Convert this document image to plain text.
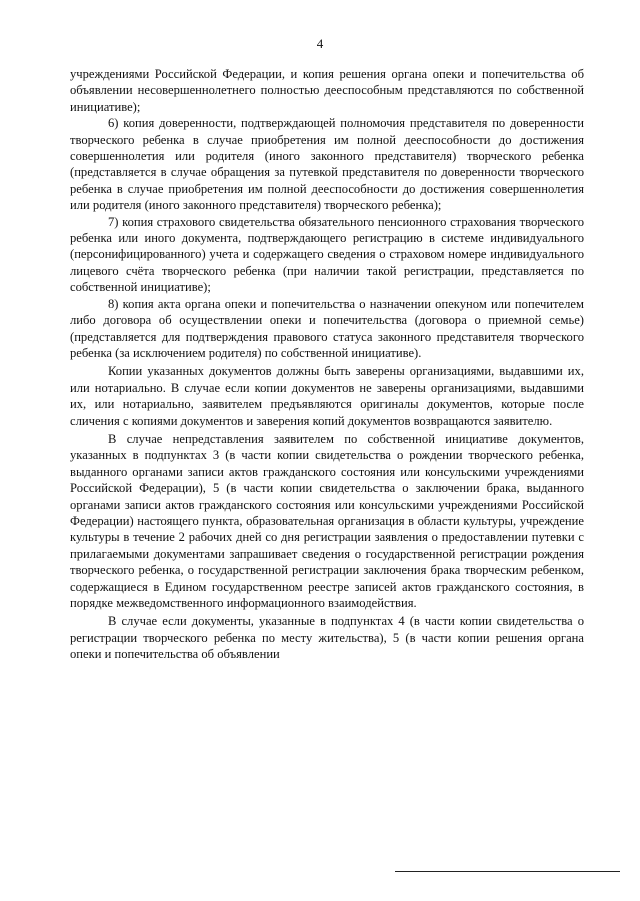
4

учреждениями Российской Федерации, и копия решения органа опеки и попечительства об объявлении несовершеннолетнего полностью дееспособным представляются по собственной инициативе);

6) копия доверенности, подтверждающей полномочия представителя по доверенности творческого ребенка в случае приобретения им полной дееспособности до достижения совершеннолетия или родителя (иного законного представителя) творческого ребенка (представляется в случае обращения за путевкой представителя по доверенности творческого ребенка в случае приобретения им полной дееспособности до достижения совершеннолетия или родителя (иного законного представителя) творческого ребенка);

7) копия страхового свидетельства обязательного пенсионного страхования творческого ребенка или иного документа, подтверждающего регистрацию в системе индивидуального (персонифицированного) учета и содержащего сведения о страховом номере индивидуального лицевого счёта творческого ребенка (при наличии такой регистрации, представляется по собственной инициативе);

8) копия акта органа опеки и попечительства о назначении опекуном или попечителем либо договора об осуществлении опеки и попечительства (договора о приемной семье) (представляется для подтверждения правового статуса законного представителя творческого ребенка (за исключением родителя) по собственной инициативе).

Копии указанных документов должны быть заверены организациями, выдавшими их, или нотариально. В случае если копии документов не заверены организациями, выдавшими их, или нотариально, заявителем предъявляются оригиналы документов, которые после сличения с копиями документов и заверения копий документов возвращаются заявителю.

В случае непредставления заявителем по собственной инициативе документов, указанных в подпунктах 3 (в части копии свидетельства о рождении творческого ребенка, выданного органами записи актов гражданского состояния или консульскими учреждениями Российской Федерации), 5 (в части копии свидетельства о заключении брака, выданного органами записи актов гражданского состояния или консульскими учреждениями Российской Федерации) настоящего пункта, образовательная организация в области культуры, учреждение культуры в течение 2 рабочих дней со дня регистрации заявления о предоставлении путевки с прилагаемыми документами запрашивает сведения о государственной регистрации рождения творческого ребенка, о государственной регистрации заключения брака творческим ребенком, содержащиеся в Едином государственном реестре записей актов гражданского состояния, в порядке межведомственного информационного взаимодействия.

В случае если документы, указанные в подпунктах 4 (в части копии свидетельства о регистрации творческого ребенка по месту жительства), 5 (в части копии решения органа опеки и попечительства об объявлении
